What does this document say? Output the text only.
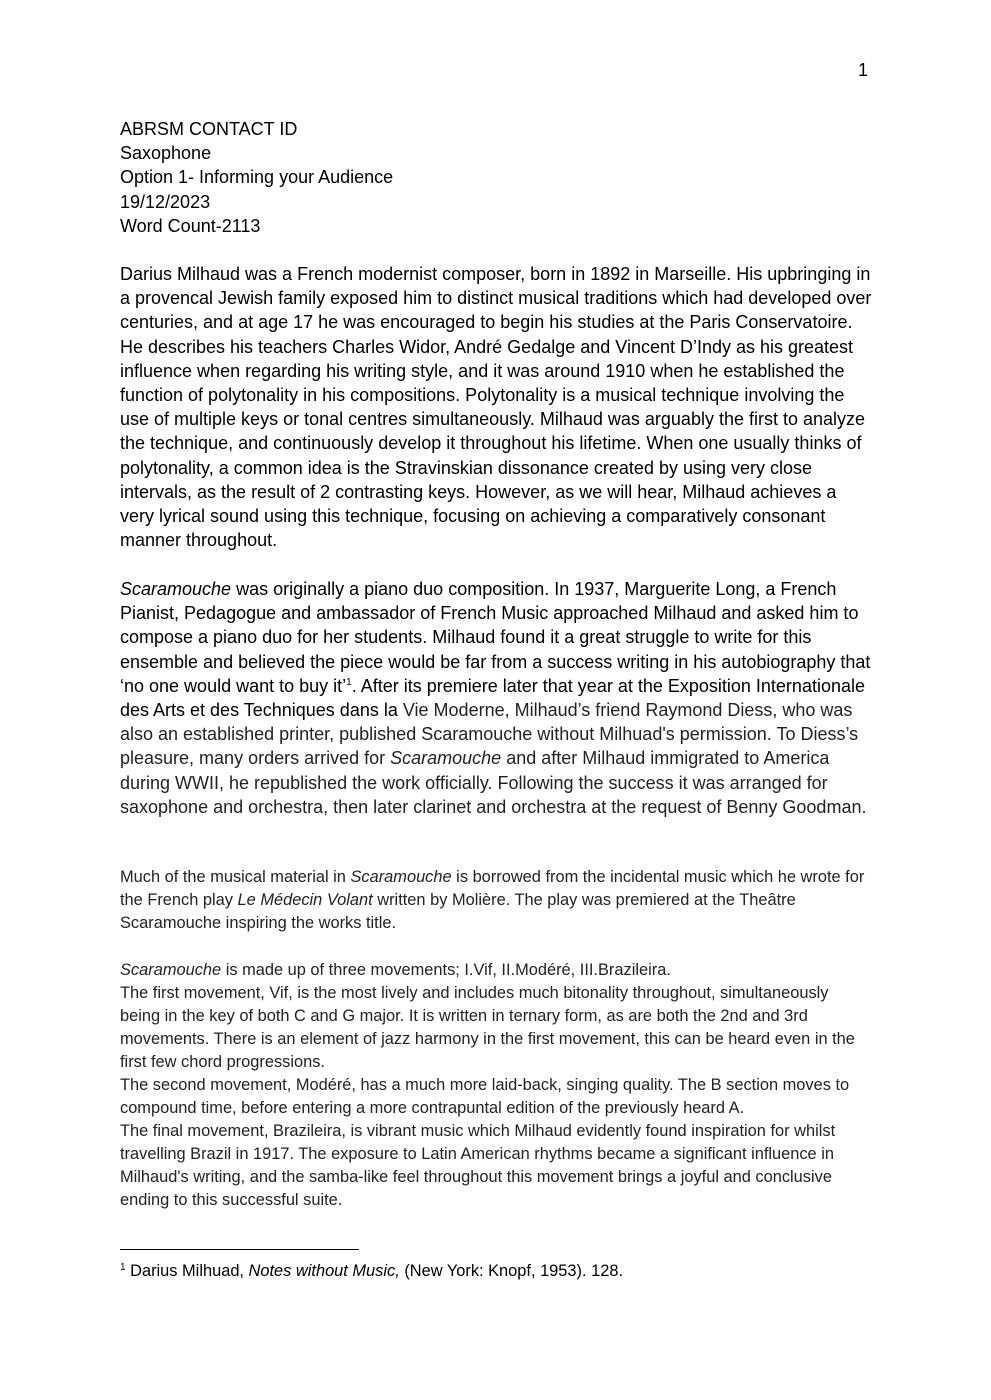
1
ABRSM CONTACT ID
Saxophone
Option 1- Informing your Audience
19/12/2023
Word Count-2113

Darius Milhaud was a French modernist composer, born in 1892 in Marseille. His upbringing in a provencal Jewish family exposed him to distinct musical traditions which had developed over centuries, and at age 17 he was encouraged to begin his studies at the Paris Conservatoire. He describes his teachers Charles Widor, André Gedalge and Vincent D’Indy as his greatest influence when regarding his writing style, and it was around 1910 when he established the function of polytonality in his compositions. Polytonality is a musical technique involving the use of multiple keys or tonal centres simultaneously. Milhaud was arguably the first to analyze the technique, and continuously develop it throughout his lifetime. When one usually thinks of polytonality, a common idea is the Stravinskian dissonance created by using very close intervals, as the result of 2 contrasting keys. However, as we will hear, Milhaud achieves a very lyrical sound using this technique, focusing on achieving a comparatively consonant manner throughout.

Scaramouche was originally a piano duo composition. In 1937, Marguerite Long, a French Pianist, Pedagogue and ambassador of French Music approached Milhaud and asked him to compose a piano duo for her students. Milhaud found it a great struggle to write for this ensemble and believed the piece would be far from a success writing in his autobiography that ‘no one would want to buy it’$^1$. After its premiere later that year at the Exposition Internationale des Arts et des Techniques dans la Vie Moderne, Milhaud’s friend Raymond Diess, who was also an established printer, published Scaramouche without Milhuad's permission. To Diess’s pleasure, many orders arrived for Scaramouche and after Milhaud immigrated to America during WWII, he republished the work officially. Following the success it was arranged for saxophone and orchestra, then later clarinet and orchestra at the request of Benny Goodman.

Much of the musical material in Scaramouche is borrowed from the incidental music which he wrote for the French play Le Médecin Volant written by Molière. The play was premiered at the Theâtre Scaramouche inspiring the works title.

Scaramouche is made up of three movements; I.Vif, II.Modéré, III.Brazileira.
The first movement, Vif, is the most lively and includes much bitonality throughout, simultaneously being in the key of both C and G major. It is written in ternary form, as are both the 2nd and 3rd movements. There is an element of jazz harmony in the first movement, this can be heard even in the first few chord progressions.
The second movement, Modéré, has a much more laid-back, singing quality. The B section moves to compound time, before entering a more contrapuntal edition of the previously heard A.
The final movement, Brazileira, is vibrant music which Milhaud evidently found inspiration for whilst travelling Brazil in 1917. The exposure to Latin American rhythms became a significant influence in Milhaud's writing, and the samba-like feel throughout this movement brings a joyful and conclusive ending to this successful suite.
$^1$ Darius Milhuad, Notes without Music, (New York: Knopf, 1953). 128.
